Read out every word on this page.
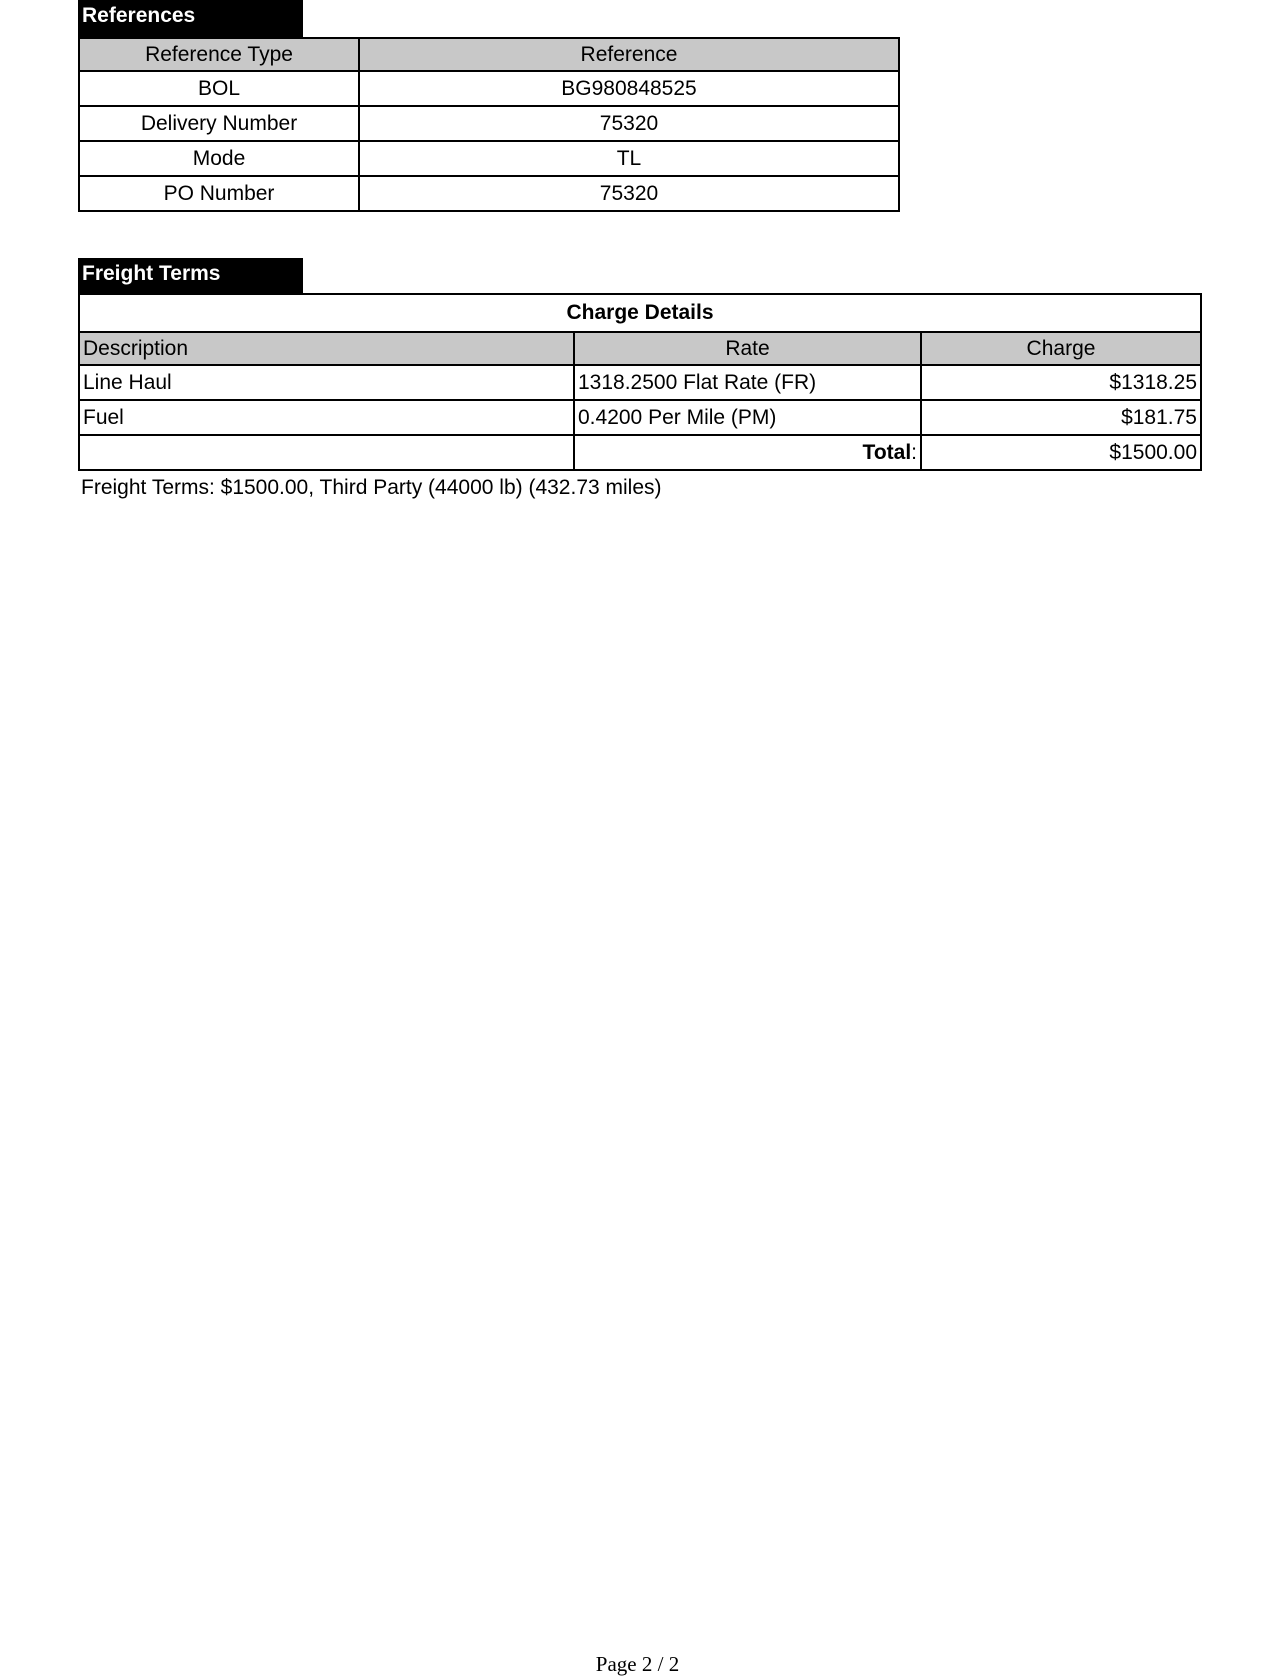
References
Reference Type	Reference
BOL	BG980848525
Delivery Number	75320
Mode	TL
PO Number	75320
Freight Terms
Charge Details		
Description	Rate	Charge
Line Haul	1318.2500 Flat Rate (FR)	$1318.25
Fuel	0.4200 Per Mile (PM)	$181.75
	Total:	$1500.00
Freight Terms: $1500.00, Third Party (44000 lb) (432.73 miles)
Page 2 / 2
